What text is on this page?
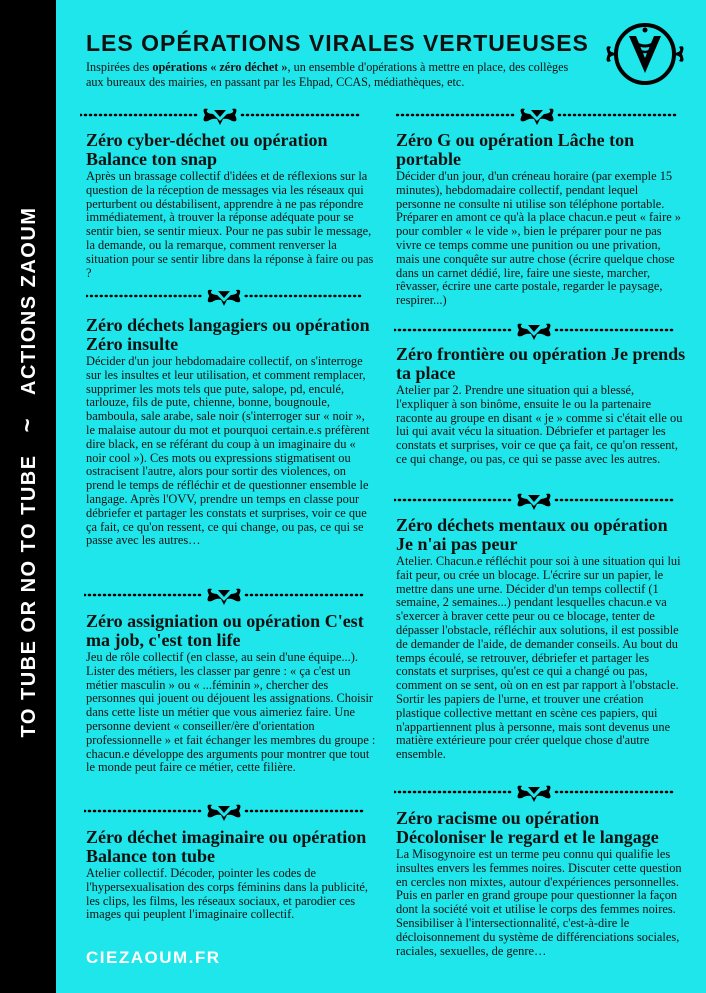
TO TUBE OR NO TO TUBE~ACTIONS ZAOUM
LES OPÉRATIONS VIRALES VERTUEUSES

Inspirées des opérations « zéro déchet », un ensemble d'opérations à mettre en place, des collèges aux bureaux des mairies, en passant par les Ehpad, CCAS, médiathèques, etc.

Zéro cyber-déchet ou opération Balance ton snap

Après un brassage collectif d'idées et de réflexions sur la question de la réception de messages via les réseaux qui perturbent ou déstabilisent, apprendre à ne pas répondre immédiatement, à trouver la réponse adéquate pour se sentir bien, se sentir mieux. Pour ne pas subir le message, la demande, ou la remarque, comment renverser la situation pour se sentir libre dans la réponse à faire ou pas ?

Zéro déchets langagiers ou opération Zéro insulte

Décider d'un jour hebdomadaire collectif, on s'interroge sur les insultes et leur utilisation, et comment remplacer, supprimer les mots tels que pute, salope, pd, enculé, tarlouze, fils de pute, chienne, bonne, bougnoule, bamboula, sale arabe, sale noir (s'interroger sur « noir », le malaise autour du mot et pourquoi certain.e.s préfèrent dire black, en se référant du coup à un imaginaire du « noir cool »). Ces mots ou expressions stigmatisent ou ostracisent l'autre, alors pour sortir des violences, on prend le temps de réfléchir et de questionner ensemble le langage. Après l'OVV, prendre un temps en classe pour débriefer et partager les constats et surprises, voir ce que ça fait, ce qu'on ressent, ce qui change, ou pas, ce qui se passe avec les autres…

Zéro assigniation ou opération C'est ma job, c'est ton life

Jeu de rôle collectif (en classe, au sein d'une équipe...). Lister des métiers, les classer par genre : « ça c'est un métier masculin » ou « ...féminin », chercher des personnes qui jouent ou déjouent les assignations. Choisir dans cette liste un métier que vous aimeriez faire. Une personne devient « conseiller/ère d'orientation professionnelle » et fait échanger les membres du groupe : chacun.e développe des arguments pour montrer que tout le monde peut faire ce métier, cette filière.

Zéro déchet imaginaire ou opération Balance ton tube

Atelier collectif. Décoder, pointer les codes de l'hypersexualisation des corps féminins dans la publicité, les clips, les films, les réseaux sociaux, et parodier ces images qui peuplent l'imaginaire collectif.

Zéro G ou opération Lâche ton portable

Décider d'un jour, d'un créneau horaire (par exemple 15 minutes), hebdomadaire collectif, pendant lequel personne ne consulte ni utilise son téléphone portable. Préparer en amont ce qu'à la place chacun.e peut « faire » pour combler « le vide », bien le préparer pour ne pas vivre ce temps comme une punition ou une privation, mais une conquête sur autre chose (écrire quelque chose dans un carnet dédié, lire, faire une sieste, marcher, rêvasser, écrire une carte postale, regarder le paysage, respirer...)

Zéro frontière ou opération Je prends ta place

Atelier par 2. Prendre une situation qui a blessé, l'expliquer à son binôme, ensuite le ou la partenaire raconte au groupe en disant « je » comme si c'était elle ou lui qui avait vécu la situation. Débriefer et partager les constats et surprises, voir ce que ça fait, ce qu'on ressent, ce qui change, ou pas, ce qui se passe avec les autres.

Zéro déchets mentaux ou opération Je n'ai pas peur

Atelier. Chacun.e réfléchit pour soi à une situation qui lui fait peur, ou crée un blocage. L'écrire sur un papier, le mettre dans une urne. Décider d'un temps collectif (1 semaine, 2 semaines...) pendant lesquelles chacun.e va s'exercer à braver cette peur ou ce blocage, tenter de dépasser l'obstacle, réfléchir aux solutions, il est possible de demander de l'aide, de demander conseils. Au bout du temps écoulé, se retrouver, débriefer et partager les constats et surprises, qu'est ce qui a changé ou pas, comment on se sent, où on en est par rapport à l'obstacle. Sortir les papiers de l'urne, et trouver une création plastique collective mettant en scène ces papiers, qui n'appartiennent plus à personne, mais sont devenus une matière extérieure pour créer quelque chose d'autre ensemble.

Zéro racisme ou opération Décoloniser le regard et le langage

La Misogynoire est un terme peu connu qui qualifie les insultes envers les femmes noires. Discuter cette question en cercles non mixtes, autour d'expériences personnelles. Puis en parler en grand groupe pour questionner la façon dont la société voit et utilise le corps des femmes noires. Sensibiliser à l'intersectionnalité, c'est-à-dire le décloisonnement du système de différenciations sociales, raciales, sexuelles, de genre…

CIEZAOUM.FR
